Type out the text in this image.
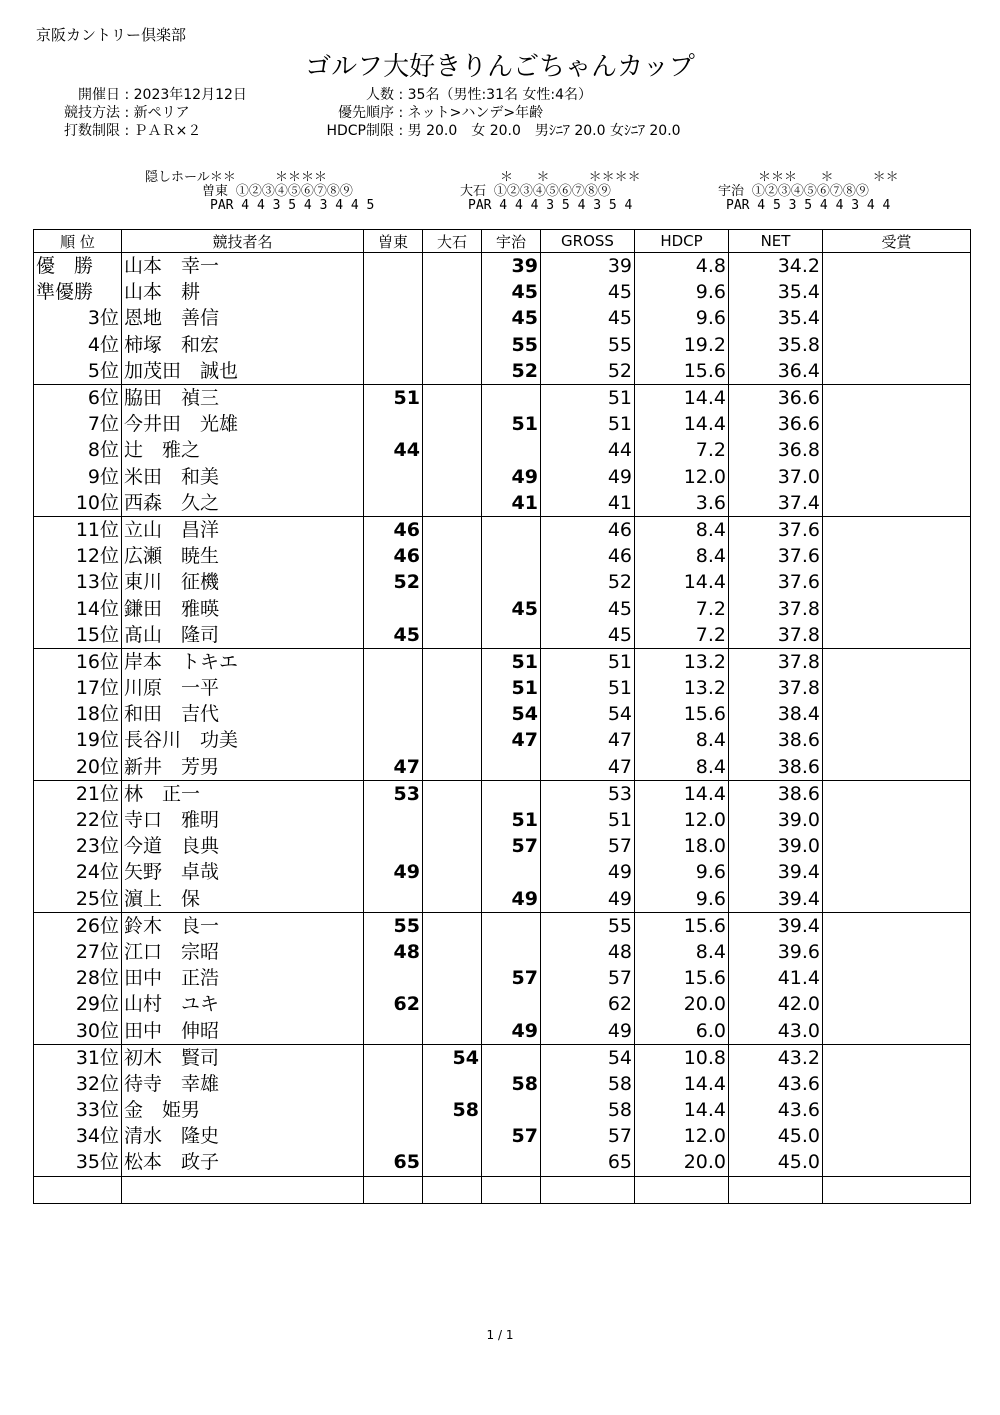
京阪カントリー倶楽部
ゴルフ大好きりんごちゃんカップ
開催日 : 2023年12月12日
競技方法 : 新ペリア
打数制限 : ＰＡＲ×２
人数 : 35名（男性:31名 女性:4名）
優先順序 : ネット>ハンデ>年齢
HDCP制限 : 男 20.0　女 20.0　男ｼﾆｱ 20.0 女ｼﾆｱ 20.0
隠しホール
＊＊     ＊＊＊＊
曽東 ①②③④⑤⑥⑦⑧⑨
PAR 4 4 3 5 4 3 4 4 5
＊   ＊     ＊＊＊＊
大石 ①②③④⑤⑥⑦⑧⑨
PAR 4 4 4 3 5 4 3 5 4
＊＊＊   ＊     ＊＊
宇治 ①②③④⑤⑥⑦⑧⑨
PAR 4 5 3 5 4 4 3 4 4
順 位	競技者名	曽東	大石	宇治	GROSS	HDCP	NET	受賞
優　勝	山本　幸一			39	39	4.8	34.2	
準優勝	山本　耕			45	45	9.6	35.4	
3位	恩地　善信			45	45	9.6	35.4	
4位	柿塚　和宏			55	55	19.2	35.8	
5位	加茂田　誠也			52	52	15.6	36.4	
6位	脇田　禎三	51			51	14.4	36.6	
7位	今井田　光雄			51	51	14.4	36.6	
8位	辻　雅之	44			44	7.2	36.8	
9位	米田　和美			49	49	12.0	37.0	
10位	西森　久之			41	41	3.6	37.4	
11位	立山　昌洋	46			46	8.4	37.6	
12位	広瀬　暁生	46			46	8.4	37.6	
13位	東川　征機	52			52	14.4	37.6	
14位	鎌田　雅暎			45	45	7.2	37.8	
15位	髙山　隆司	45			45	7.2	37.8	
16位	岸本　トキエ			51	51	13.2	37.8	
17位	川原　一平			51	51	13.2	37.8	
18位	和田　吉代			54	54	15.6	38.4	
19位	長谷川　功美			47	47	8.4	38.6	
20位	新井　芳男	47			47	8.4	38.6	
21位	林　正一	53			53	14.4	38.6	
22位	寺口　雅明			51	51	12.0	39.0	
23位	今道　良典			57	57	18.0	39.0	
24位	矢野　卓哉	49			49	9.6	39.4	
25位	濵上　保			49	49	9.6	39.4	
26位	鈴木　良一	55			55	15.6	39.4	
27位	江口　宗昭	48			48	8.4	39.6	
28位	田中　正浩			57	57	15.6	41.4	
29位	山村　ユキ	62			62	20.0	42.0	
30位	田中　伸昭			49	49	6.0	43.0	
31位	初木　賢司		54		54	10.8	43.2	
32位	待寺　幸雄			58	58	14.4	43.6	
33位	金　姫男		58		58	14.4	43.6	
34位	清水　隆史			57	57	12.0	45.0	
35位	松本　政子	65			65	20.0	45.0	

1 / 1
